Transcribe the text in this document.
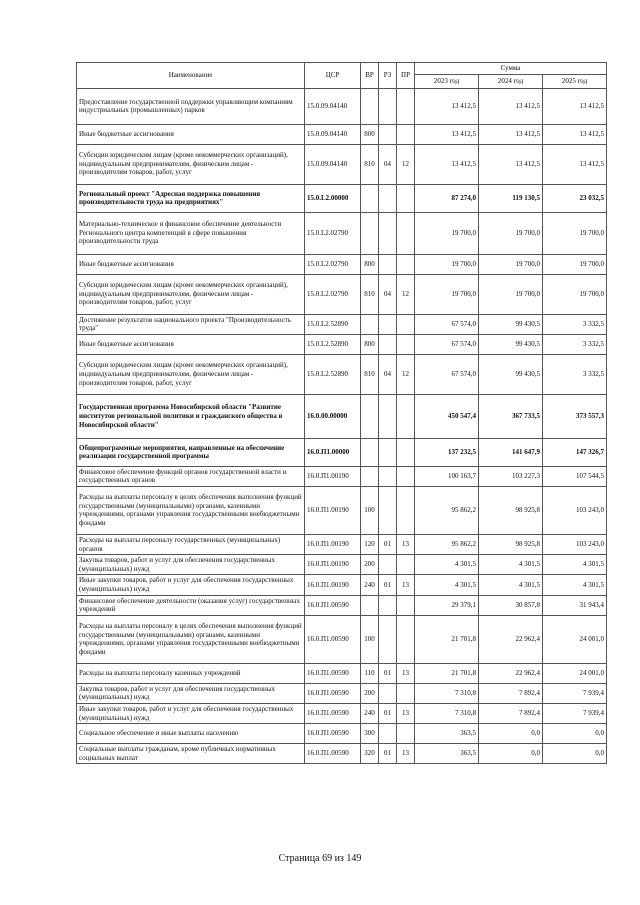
Наименование	ЦСР	ВР	РЗ	ПР	Сумма		
					2023 год	2024 год	2025 год
Предоставление государственной поддержки управляющим компаниям индустриальных (промышленных) парков	15.0.09.04140				13 412,5	13 412,5	13 412,5
Иные бюджетные ассигнования	15.0.09.04140	800			13 412,5	13 412,5	13 412,5
Субсидии юридическим лицам (кроме некоммерческих организаций), индивидуальным предпринимателям, физическим лицам - производителям товаров, работ, услуг	15.0.09.04140	810	04	12	13 412,5	13 412,5	13 412,5
Региональный проект "Адресная поддержка повышения производительности труда на предприятиях"	15.0.L2.00000				87 274,0	119 130,5	23 032,5
Материально-техническое и финансовое обеспечение деятельности Регионального центра компетенций в сфере повышения производительности труда	15.0.L2.02790				19 700,0	19 700,0	19 700,0
Иные бюджетные ассигнования	15.0.L2.02790	800			19 700,0	19 700,0	19 700,0
Субсидии юридическим лицам (кроме некоммерческих организаций), индивидуальным предпринимателям, физическим лицам - производителям товаров, работ, услуг	15.0.L2.02790	810	04	12	19 700,0	19 700,0	19 700,0
Достижение результатов национального проекта "Производительность труда"	15.0.L2.52890				67 574,0	99 430,5	3 332,5
Иные бюджетные ассигнования	15.0.L2.52890	800			67 574,0	99 430,5	3 332,5
Субсидии юридическим лицам (кроме некоммерческих организаций), индивидуальным предпринимателям, физическим лицам - производителям товаров, работ, услуг	15.0.L2.52890	810	04	12	67 574,0	99 430,5	3 332,5
Государственная программа Новосибирской области "Развитие институтов региональной политики и гражданского общества в Новосибирской области"	16.0.00.00000				450 547,4	367 733,5	373 557,3
Общепрограммные мероприятия, направленные на обеспечение реализации государственной программы	16.0.П1.00000				137 232,5	141 647,9	147 326,7
Финансовое обеспечение функций органов государственной власти и государственных органов	16.0.П1.00190				100 163,7	103 227,3	107 544,5
Расходы на выплаты персоналу в целях обеспечения выполнения функций государственными (муниципальными) органами, казенными учреждениями, органами управления государственными внебюджетными фондами	16.0.П1.00190	100			95 862,2	98 925,8	103 243,0
Расходы на выплаты персоналу государственных (муниципальных) органов	16.0.П1.00190	120	01	13	95 862,2	98 925,8	103 243,0
Закупка товаров, работ и услуг для обеспечения государственных (муниципальных) нужд	16.0.П1.00190	200			4 301,5	4 301,5	4 301,5
Иные закупки товаров, работ и услуг для обеспечения государственных (муниципальных) нужд	16.0.П1.00190	240	01	13	4 301,5	4 301,5	4 301,5
Финансовое обеспечение деятельности (оказания услуг) государственных учреждений	16.0.П1.00590				29 379,1	30 857,8	31 943,4
Расходы на выплаты персоналу в целях обеспечения выполнения функций государственными (муниципальными) органами, казенными учреждениями, органами управления государственными внебюджетными фондами	16.0.П1.00590	100			21 701,8	22 962,4	24 001,0
Расходы на выплаты персоналу казенных учреждений	16.0.П1.00590	110	01	13	21 701,8	22 962,4	24 001,0
Закупка товаров, работ и услуг для обеспечения государственных (муниципальных) нужд	16.0.П1.00590	200			7 310,8	7 892,4	7 939,4
Иные закупки товаров, работ и услуг для обеспечения государственных (муниципальных) нужд	16.0.П1.00590	240	01	13	7 310,8	7 892,4	7 939,4
Социальное обеспечение и иные выплаты населению	16.0.П1.00590	300			363,5	0,0	0,0
Социальные выплаты гражданам, кроме публичных нормативных социальных выплат	16.0.П1.00590	320	01	13	363,5	0,0	0,0
Страница 69 из 149
